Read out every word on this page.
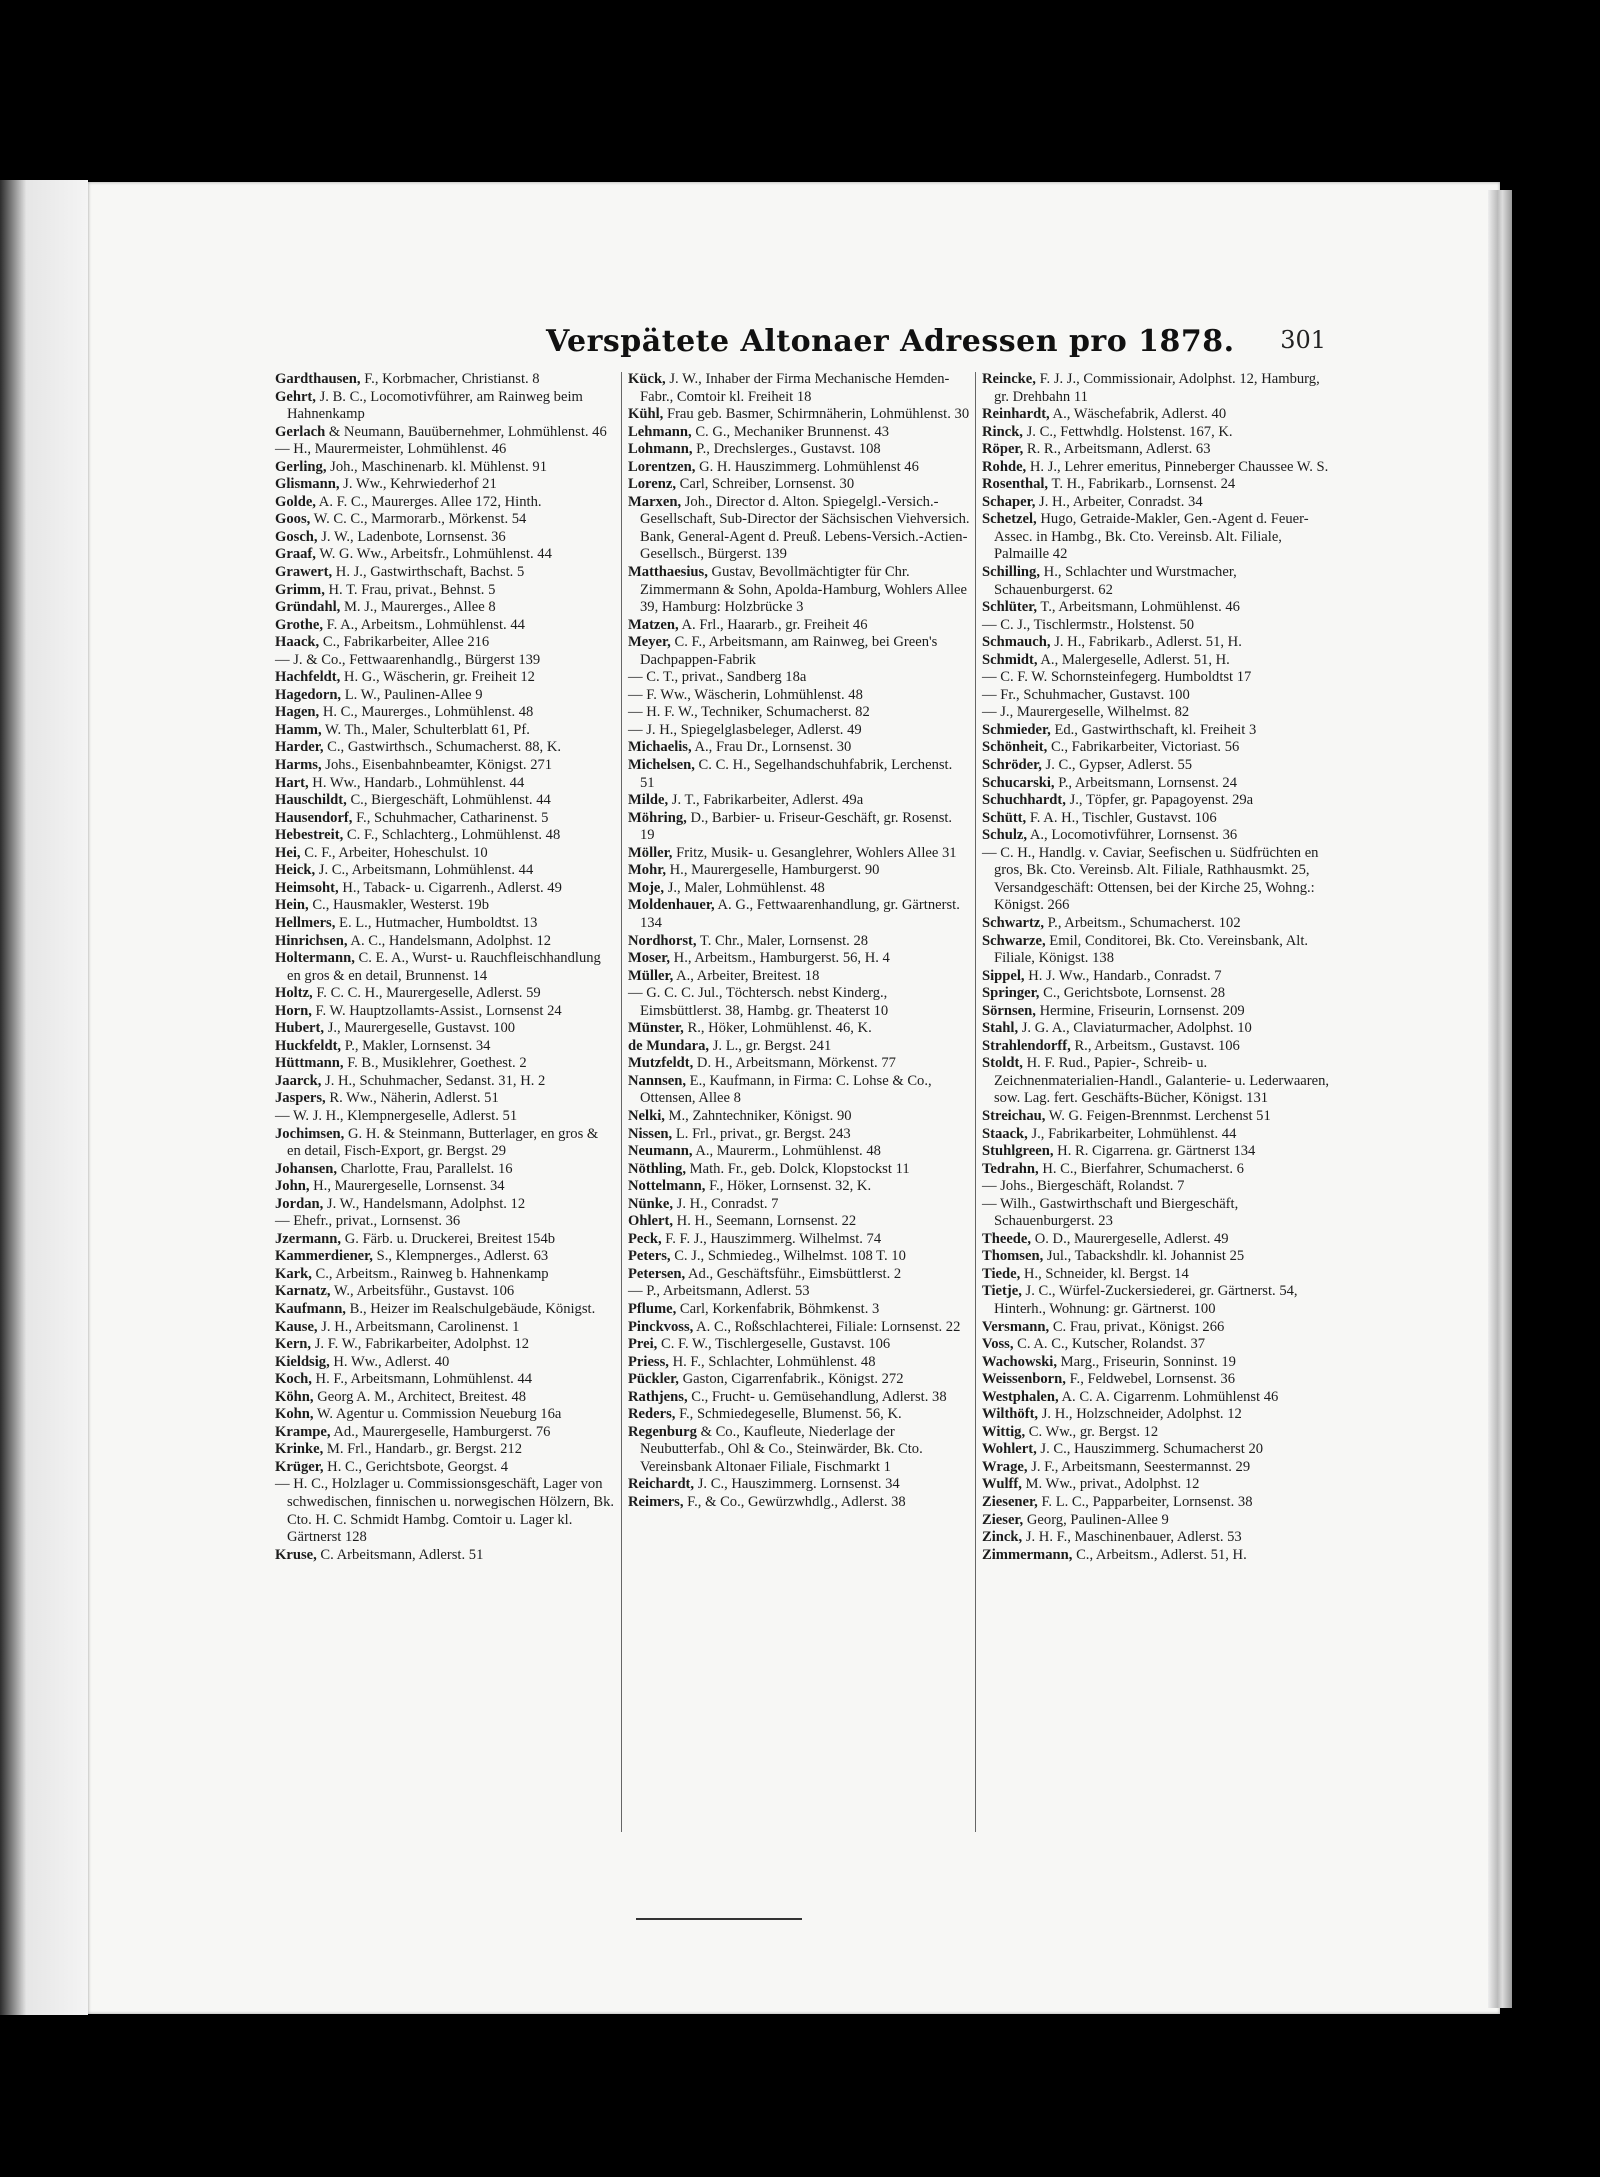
Verspätete Altonaer Adressen pro 1878. 301

Gardthausen, F., Korbmacher, Christianst. 8

Gehrt, J. B. C., Locomotivführer, am Rainweg beim Hahnenkamp

Gerlach & Neumann, Bauübernehmer, Lohmühlenst. 46

— H., Maurermeister, Lohmühlenst. 46

Gerling, Joh., Maschinenarb. kl. Mühlenst. 91

Glismann, J. Ww., Kehrwiederhof 21

Golde, A. F. C., Maurerges. Allee 172, Hinth.

Goos, W. C. C., Marmorarb., Mörkenst. 54

Gosch, J. W., Ladenbote, Lornsenst. 36

Graaf, W. G. Ww., Arbeitsfr., Lohmühlenst. 44

Grawert, H. J., Gastwirthschaft, Bachst. 5

Grimm, H. T. Frau, privat., Behnst. 5

Gründahl, M. J., Maurerges., Allee 8

Grothe, F. A., Arbeitsm., Lohmühlenst. 44

Haack, C., Fabrikarbeiter, Allee 216

— J. & Co., Fettwaarenhandlg., Bürgerst 139

Hachfeldt, H. G., Wäscherin, gr. Freiheit 12

Hagedorn, L. W., Paulinen-Allee 9

Hagen, H. C., Maurerges., Lohmühlenst. 48

Hamm, W. Th., Maler, Schulterblatt 61, Pf.

Harder, C., Gastwirthsch., Schumacherst. 88, K.

Harms, Johs., Eisenbahnbeamter, Königst. 271

Hart, H. Ww., Handarb., Lohmühlenst. 44

Hauschildt, C., Biergeschäft, Lohmühlenst. 44

Hausendorf, F., Schuhmacher, Catharinenst. 5

Hebestreit, C. F., Schlachterg., Lohmühlenst. 48

Hei, C. F., Arbeiter, Hoheschulst. 10

Heick, J. C., Arbeitsmann, Lohmühlenst. 44

Heimsoht, H., Taback- u. Cigarrenh., Adlerst. 49

Hein, C., Hausmakler, Westerst. 19b

Hellmers, E. L., Hutmacher, Humboldtst. 13

Hinrichsen, A. C., Handelsmann, Adolphst. 12

Holtermann, C. E. A., Wurst- u. Rauchfleischhandlung en gros & en detail, Brunnenst. 14

Holtz, F. C. C. H., Maurergeselle, Adlerst. 59

Horn, F. W. Hauptzollamts-Assist., Lornsenst 24

Hubert, J., Maurergeselle, Gustavst. 100

Huckfeldt, P., Makler, Lornsenst. 34

Hüttmann, F. B., Musiklehrer, Goethest. 2

Jaarck, J. H., Schuhmacher, Sedanst. 31, H. 2

Jaspers, R. Ww., Näherin, Adlerst. 51

— W. J. H., Klempnergeselle, Adlerst. 51

Jochimsen, G. H. & Steinmann, Butterlager, en gros & en detail, Fisch-Export, gr. Bergst. 29

Johansen, Charlotte, Frau, Parallelst. 16

John, H., Maurergeselle, Lornsenst. 34

Jordan, J. W., Handelsmann, Adolphst. 12

— Ehefr., privat., Lornsenst. 36

Jzermann, G. Färb. u. Druckerei, Breitest 154b

Kammerdiener, S., Klempnerges., Adlerst. 63

Kark, C., Arbeitsm., Rainweg b. Hahnenkamp

Karnatz, W., Arbeitsführ., Gustavst. 106

Kaufmann, B., Heizer im Realschulgebäude, Königst.

Kause, J. H., Arbeitsmann, Carolinenst. 1

Kern, J. F. W., Fabrikarbeiter, Adolphst. 12

Kieldsig, H. Ww., Adlerst. 40

Koch, H. F., Arbeitsmann, Lohmühlenst. 44

Köhn, Georg A. M., Architect, Breitest. 48

Kohn, W. Agentur u. Commission Neueburg 16a

Krampe, Ad., Maurergeselle, Hamburgerst. 76

Krinke, M. Frl., Handarb., gr. Bergst. 212

Krüger, H. C., Gerichtsbote, Georgst. 4

— H. C., Holzlager u. Commissionsgeschäft, Lager von schwedischen, finnischen u. norwegischen Hölzern, Bk. Cto. H. C. Schmidt Hambg. Comtoir u. Lager kl. Gärtnerst 128

Kruse, C. Arbeitsmann, Adlerst. 51

Kück, J. W., Inhaber der Firma Mechanische Hemden-Fabr., Comtoir kl. Freiheit 18

Kühl, Frau geb. Basmer, Schirmnäherin, Lohmühlenst. 30

Lehmann, C. G., Mechaniker Brunnenst. 43

Lohmann, P., Drechslerges., Gustavst. 108

Lorentzen, G. H. Hauszimmerg. Lohmühlenst 46

Lorenz, Carl, Schreiber, Lornsenst. 30

Marxen, Joh., Director d. Alton. Spiegelgl.-Versich.-Gesellschaft, Sub-Director der Sächsischen Viehversich. Bank, General-Agent d. Preuß. Lebens-Versich.-Actien-Gesellsch., Bürgerst. 139

Matthaesius, Gustav, Bevollmächtigter für Chr. Zimmermann & Sohn, Apolda-Hamburg, Wohlers Allee 39, Hamburg: Holzbrücke 3

Matzen, A. Frl., Haararb., gr. Freiheit 46

Meyer, C. F., Arbeitsmann, am Rainweg, bei Green's Dachpappen-Fabrik

— C. T., privat., Sandberg 18a

— F. Ww., Wäscherin, Lohmühlenst. 48

— H. F. W., Techniker, Schumacherst. 82

— J. H., Spiegelglasbeleger, Adlerst. 49

Michaelis, A., Frau Dr., Lornsenst. 30

Michelsen, C. C. H., Segelhandschuhfabrik, Lerchenst. 51

Milde, J. T., Fabrikarbeiter, Adlerst. 49a

Möhring, D., Barbier- u. Friseur-Geschäft, gr. Rosenst. 19

Möller, Fritz, Musik- u. Gesanglehrer, Wohlers Allee 31

Mohr, H., Maurergeselle, Hamburgerst. 90

Moje, J., Maler, Lohmühlenst. 48

Moldenhauer, A. G., Fettwaarenhandlung, gr. Gärtnerst. 134

Nordhorst, T. Chr., Maler, Lornsenst. 28

Moser, H., Arbeitsm., Hamburgerst. 56, H. 4

Müller, A., Arbeiter, Breitest. 18

— G. C. C. Jul., Töchtersch. nebst Kinderg., Eimsbüttlerst. 38, Hambg. gr. Theaterst 10

Münster, R., Höker, Lohmühlenst. 46, K.

de Mundara, J. L., gr. Bergst. 241

Mutzfeldt, D. H., Arbeitsmann, Mörkenst. 77

Nannsen, E., Kaufmann, in Firma: C. Lohse & Co., Ottensen, Allee 8

Nelki, M., Zahntechniker, Königst. 90

Nissen, L. Frl., privat., gr. Bergst. 243

Neumann, A., Maurerm., Lohmühlenst. 48

Nöthling, Math. Fr., geb. Dolck, Klopstockst 11

Nottelmann, F., Höker, Lornsenst. 32, K.

Nünke, J. H., Conradst. 7

Ohlert, H. H., Seemann, Lornsenst. 22

Peck, F. F. J., Hauszimmerg. Wilhelmst. 74

Peters, C. J., Schmiedeg., Wilhelmst. 108 T. 10

Petersen, Ad., Geschäftsführ., Eimsbüttlerst. 2

— P., Arbeitsmann, Adlerst. 53

Pflume, Carl, Korkenfabrik, Böhmkenst. 3

Pinckvoss, A. C., Roßschlachterei, Filiale: Lornsenst. 22

Prei, C. F. W., Tischlergeselle, Gustavst. 106

Priess, H. F., Schlachter, Lohmühlenst. 48

Pückler, Gaston, Cigarrenfabrik., Königst. 272

Rathjens, C., Frucht- u. Gemüsehandlung, Adlerst. 38

Reders, F., Schmiedegeselle, Blumenst. 56, K.

Regenburg & Co., Kaufleute, Niederlage der Neubutterfab., Ohl & Co., Steinwärder, Bk. Cto. Vereinsbank Altonaer Filiale, Fischmarkt 1

Reichardt, J. C., Hauszimmerg. Lornsenst. 34

Reimers, F., & Co., Gewürzwhdlg., Adlerst. 38

Reincke, F. J. J., Commissionair, Adolphst. 12, Hamburg, gr. Drehbahn 11

Reinhardt, A., Wäschefabrik, Adlerst. 40

Rinck, J. C., Fettwhdlg. Holstenst. 167, K.

Röper, R. R., Arbeitsmann, Adlerst. 63

Rohde, H. J., Lehrer emeritus, Pinneberger Chaussee W. S.

Rosenthal, T. H., Fabrikarb., Lornsenst. 24

Schaper, J. H., Arbeiter, Conradst. 34

Schetzel, Hugo, Getraide-Makler, Gen.-Agent d. Feuer-Assec. in Hambg., Bk. Cto. Vereinsb. Alt. Filiale, Palmaille 42

Schilling, H., Schlachter und Wurstmacher, Schauenburgerst. 62

Schlüter, T., Arbeitsmann, Lohmühlenst. 46

— C. J., Tischlermstr., Holstenst. 50

Schmauch, J. H., Fabrikarb., Adlerst. 51, H.

Schmidt, A., Malergeselle, Adlerst. 51, H.

— C. F. W. Schornsteinfegerg. Humboldtst 17

— Fr., Schuhmacher, Gustavst. 100

— J., Maurergeselle, Wilhelmst. 82

Schmieder, Ed., Gastwirthschaft, kl. Freiheit 3

Schönheit, C., Fabrikarbeiter, Victoriast. 56

Schröder, J. C., Gypser, Adlerst. 55

Schucarski, P., Arbeitsmann, Lornsenst. 24

Schuchhardt, J., Töpfer, gr. Papagoyenst. 29a

Schütt, F. A. H., Tischler, Gustavst. 106

Schulz, A., Locomotivführer, Lornsenst. 36

— C. H., Handlg. v. Caviar, Seefischen u. Südfrüchten en gros, Bk. Cto. Vereinsb. Alt. Filiale, Rathhausmkt. 25, Versandgeschäft: Ottensen, bei der Kirche 25, Wohng.: Königst. 266

Schwartz, P., Arbeitsm., Schumacherst. 102

Schwarze, Emil, Conditorei, Bk. Cto. Vereinsbank, Alt. Filiale, Königst. 138

Sippel, H. J. Ww., Handarb., Conradst. 7

Springer, C., Gerichtsbote, Lornsenst. 28

Sörnsen, Hermine, Friseurin, Lornsenst. 209

Stahl, J. G. A., Claviaturmacher, Adolphst. 10

Strahlendorff, R., Arbeitsm., Gustavst. 106

Stoldt, H. F. Rud., Papier-, Schreib- u. Zeichnenmaterialien-Handl., Galanterie- u. Lederwaaren, sow. Lag. fert. Geschäfts-Bücher, Königst. 131

Streichau, W. G. Feigen-Brennmst. Lerchenst 51

Staack, J., Fabrikarbeiter, Lohmühlenst. 44

Stuhlgreen, H. R. Cigarrena. gr. Gärtnerst 134

Tedrahn, H. C., Bierfahrer, Schumacherst. 6

— Johs., Biergeschäft, Rolandst. 7

— Wilh., Gastwirthschaft und Biergeschäft, Schauenburgerst. 23

Theede, O. D., Maurergeselle, Adlerst. 49

Thomsen, Jul., Tabackshdlr. kl. Johannist 25

Tiede, H., Schneider, kl. Bergst. 14

Tietje, J. C., Würfel-Zuckersiederei, gr. Gärtnerst. 54, Hinterh., Wohnung: gr. Gärtnerst. 100

Versmann, C. Frau, privat., Königst. 266

Voss, C. A. C., Kutscher, Rolandst. 37

Wachowski, Marg., Friseurin, Sonninst. 19

Weissenborn, F., Feldwebel, Lornsenst. 36

Westphalen, A. C. A. Cigarrenm. Lohmühlenst 46

Wilthöft, J. H., Holzschneider, Adolphst. 12

Wittig, C. Ww., gr. Bergst. 12

Wohlert, J. C., Hauszimmerg. Schumacherst 20

Wrage, J. F., Arbeitsmann, Seestermannst. 29

Wulff, M. Ww., privat., Adolphst. 12

Ziesener, F. L. C., Papparbeiter, Lornsenst. 38

Zieser, Georg, Paulinen-Allee 9

Zinck, J. H. F., Maschinenbauer, Adlerst. 53

Zimmermann, C., Arbeitsm., Adlerst. 51, H.
